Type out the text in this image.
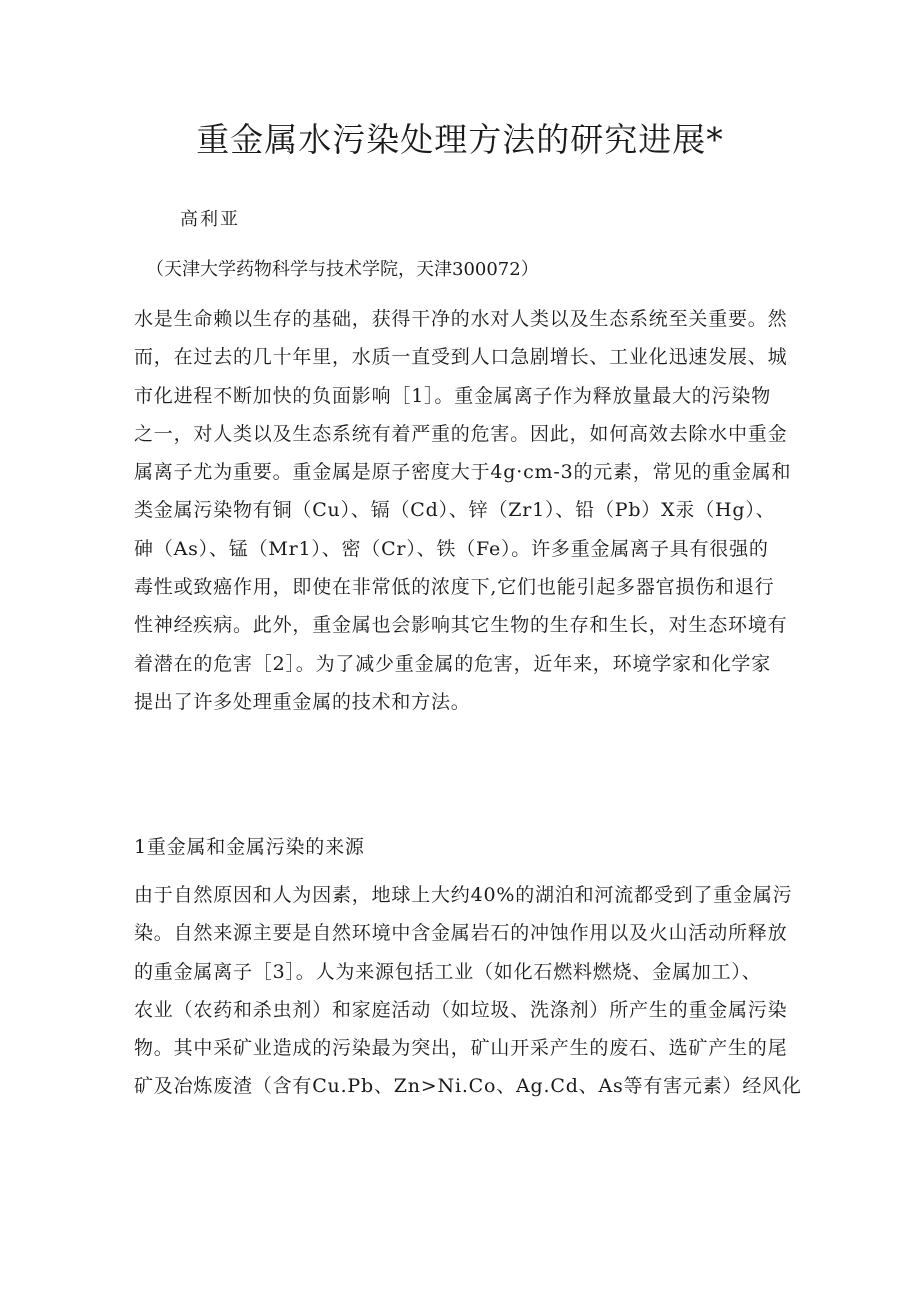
重金属水污染处理方法的研究进展*
高利亚
（天津大学药物科学与技术学院，天津300072）
水是生命赖以生存的基础，获得干净的水对人类以及生态系统至关重要。然
而，在过去的几十年里，水质一直受到人口急剧增长、工业化迅速发展、城
市化进程不断加快的负面影响［1］。重金属离子作为释放量最大的污染物
之一，对人类以及生态系统有着严重的危害。因此，如何高效去除水中重金
属离子尤为重要。重金属是原子密度大于4g·cm-3的元素，常见的重金属和
类金属污染物有铜（Cu）、镉（Cd）、锌（Zr1）、铅（Pb）X汞（Hg）、
砷（As）、锰（Mr1）、密（Cr）、铁（Fe）。许多重金属离子具有很强的
毒性或致癌作用，即使在非常低的浓度下,它们也能引起多器官损伤和退行
性神经疾病。此外，重金属也会影响其它生物的生存和生长，对生态环境有
着潜在的危害［2］。为了减少重金属的危害，近年来，环境学家和化学家
提出了许多处理重金属的技术和方法。
1重金属和金属污染的来源
由于自然原因和人为因素，地球上大约40%的湖泊和河流都受到了重金属污
染。自然来源主要是自然环境中含金属岩石的冲蚀作用以及火山活动所释放
的重金属离子［3］。人为来源包括工业（如化石燃料燃烧、金属加工）、
农业（农药和杀虫剂）和家庭活动（如垃圾、洗涤剂）所产生的重金属污染
物。其中采矿业造成的污染最为突出，矿山开采产生的废石、选矿产生的尾
矿及冶炼废渣（含有Cu.Pb、Zn>Ni.Co、Ag.Cd、As等有害元素）经风化
